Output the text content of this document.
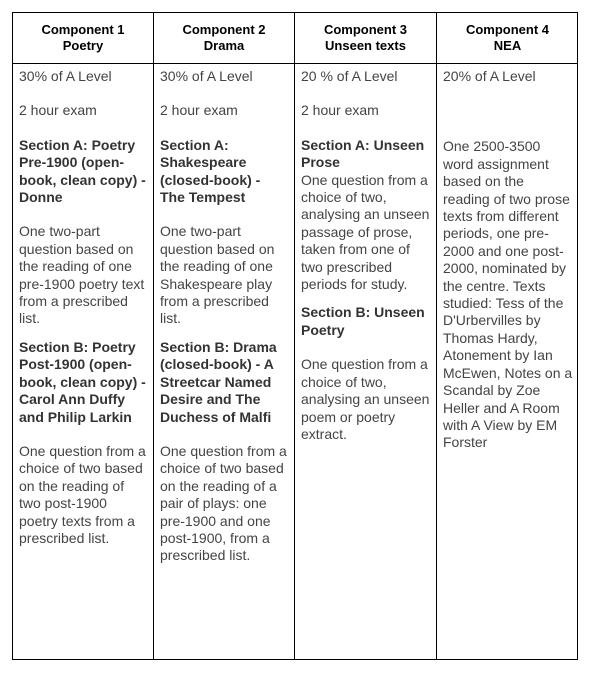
Component 1
Poetry
Component 2
Drama
Component 3
Unseen texts
Component 4
NEA

30% of A Level

2 hour exam

Section A: Poetry Pre-1900 (open-book, clean copy) - Donne

One two-part question based on the reading of one pre-1900 poetry text from a prescribed list.

Section B: Poetry Post-1900 (open-book, clean copy) - Carol Ann Duffy and Philip Larkin

One question from a choice of two based on the reading of two post-1900 poetry texts from a prescribed list.

30% of A Level

2 hour exam

Section A: Shakespeare (closed-book) - The Tempest

One two-part question based on the reading of one Shakespeare play from a prescribed list.

Section B: Drama (closed-book) - A Streetcar Named Desire and The Duchess of Malfi

One question from a choice of two based on the reading of a pair of plays: one pre-1900 and one post-1900, from a prescribed list.

20 % of A Level

2 hour exam

Section A: Unseen Prose

One question from a choice of two, analysing an unseen passage of prose, taken from one of two prescribed periods for study.

Section B: Unseen Poetry

One question from a choice of two, analysing an unseen poem or poetry extract.

20% of A Level

One 2500-3500 word assignment based on the reading of two prose texts from different periods, one pre-2000 and one post- 2000, nominated by the centre. Texts studied: Tess of the D'Urbervilles by Thomas Hardy, Atonement by Ian McEwen, Notes on a Scandal by Zoe Heller and A Room with A View by EM Forster
